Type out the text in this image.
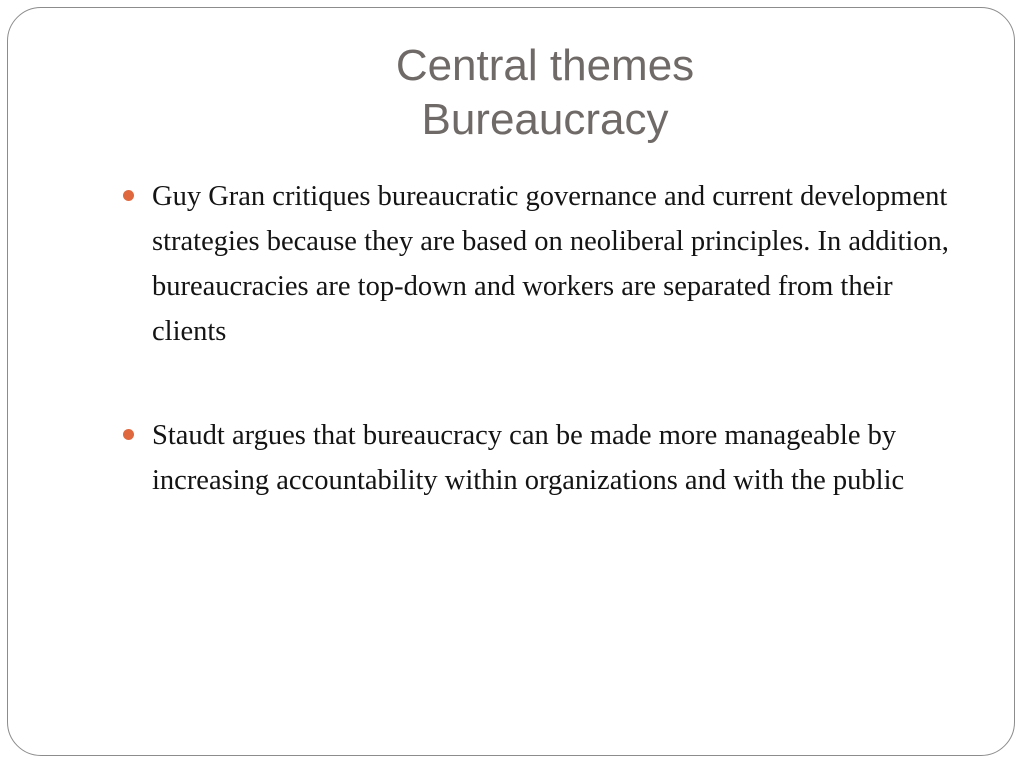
Central themes
Bureaucracy
Guy Gran critiques bureaucratic governance and current development strategies because they are based on neoliberal principles. In addition, bureaucracies are top-down and workers are separated from their clients
Staudt argues that bureaucracy can be made more manageable by increasing accountability within organizations and with the public
